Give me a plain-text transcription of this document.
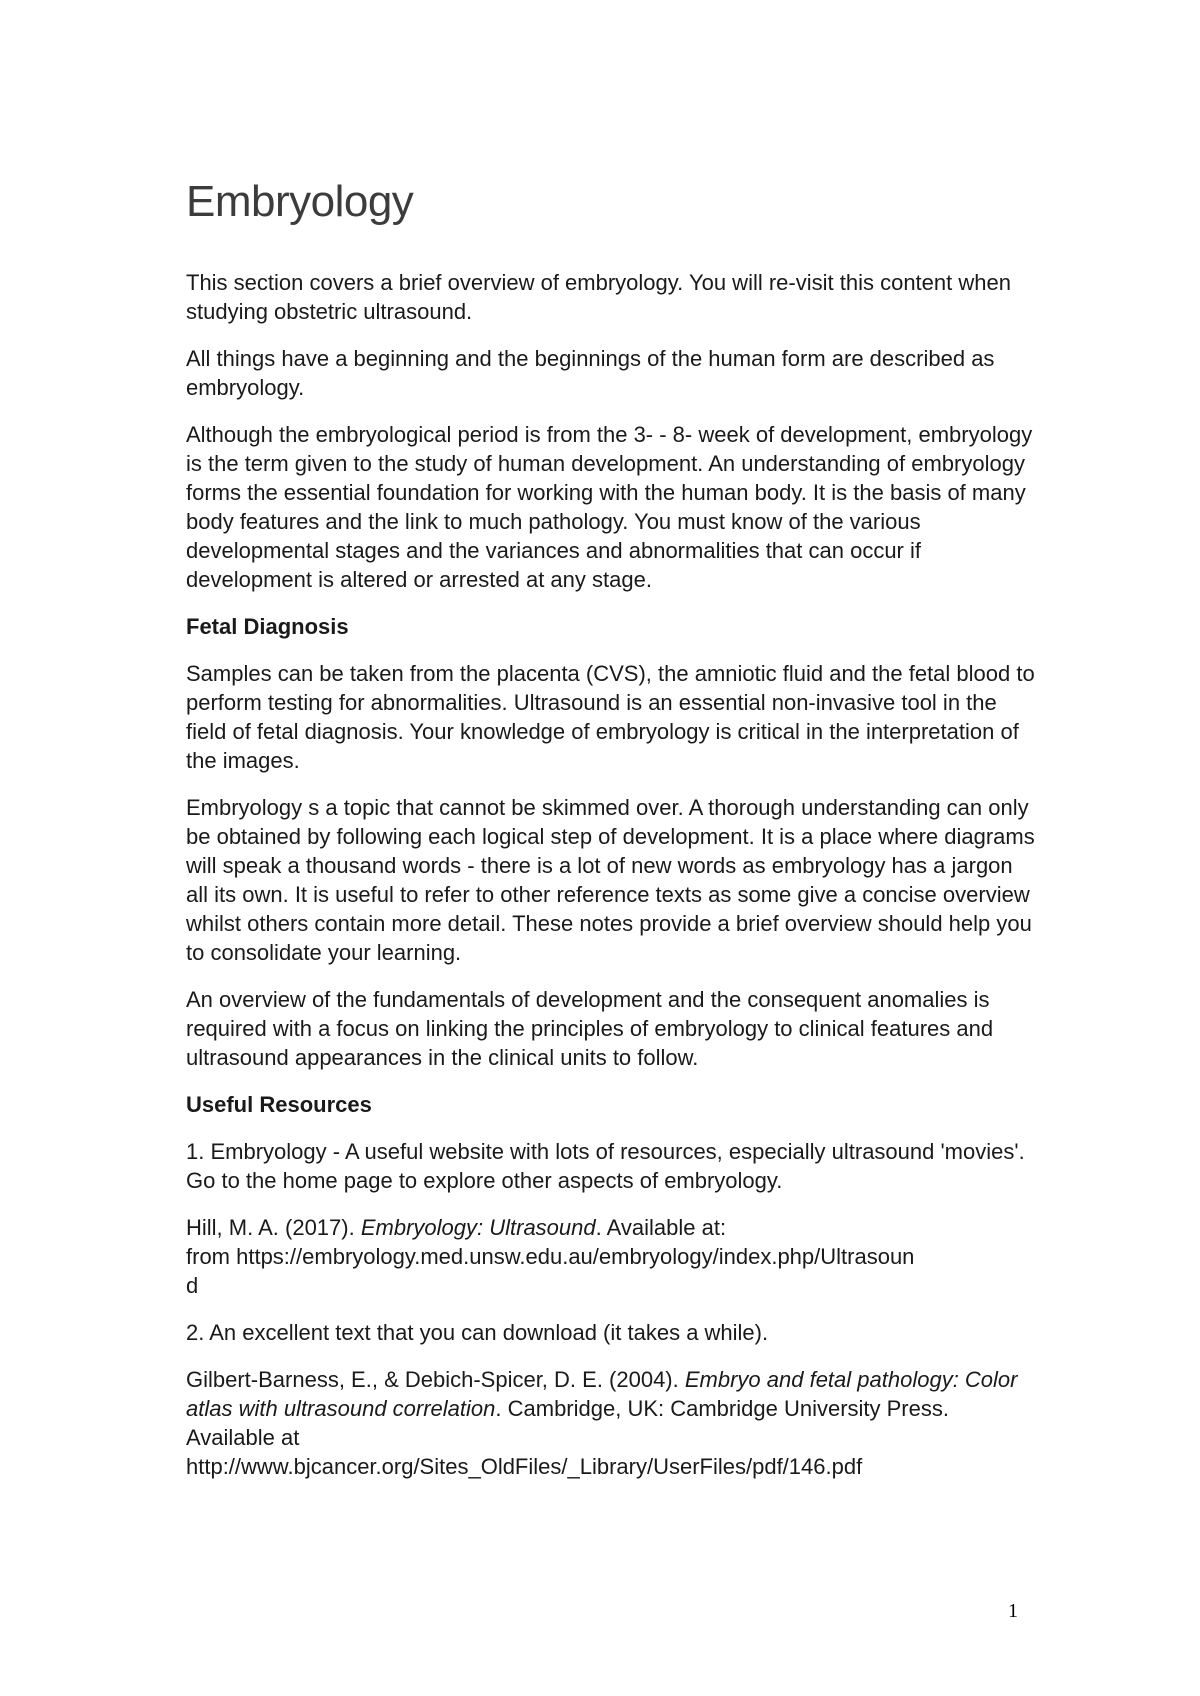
Embryology

This section covers a brief overview of embryology. You will re-visit this content when studying obstetric ultrasound.

All things have a beginning and the beginnings of the human form are described as embryology.

Although the embryological period is from the 3- - 8- week of development, embryology is the term given to the study of human development. An understanding of embryology forms the essential foundation for working with the human body. It is the basis of many body features and the link to much pathology. You must know of the various developmental stages and the variances and abnormalities that can occur if development is altered or arrested at any stage.

Fetal Diagnosis

Samples can be taken from the placenta (CVS), the amniotic fluid and the fetal blood to perform testing for abnormalities. Ultrasound is an essential non-invasive tool in the field of fetal diagnosis. Your knowledge of embryology is critical in the interpretation of the images.

Embryology s a topic that cannot be skimmed over. A thorough understanding can only be obtained by following each logical step of development. It is a place where diagrams will speak a thousand words - there is a lot of new words as embryology has a jargon all its own. It is useful to refer to other reference texts as some give a concise overview whilst others contain more detail. These notes provide a brief overview should help you to consolidate your learning.

An overview of the fundamentals of development and the consequent anomalies is required with a focus on linking the principles of embryology to clinical features and ultrasound appearances in the clinical units to follow.

Useful Resources

1. Embryology - A useful website with lots of resources, especially ultrasound 'movies'. Go to the home page to explore other aspects of embryology.

Hill, M. A. (2017). Embryology: Ultrasound. Available at:
from https://embryology.med.unsw.edu.au/embryology/index.php/Ultrasoun
d

2. An excellent text that you can download (it takes a while).

Gilbert-Barness, E., & Debich-Spicer, D. E. (2004). Embryo and fetal pathology: Color atlas with ultrasound correlation. Cambridge, UK: Cambridge University Press. Available at
http://www.bjcancer.org/Sites_OldFiles/_Library/UserFiles/pdf/146.pdf

1
